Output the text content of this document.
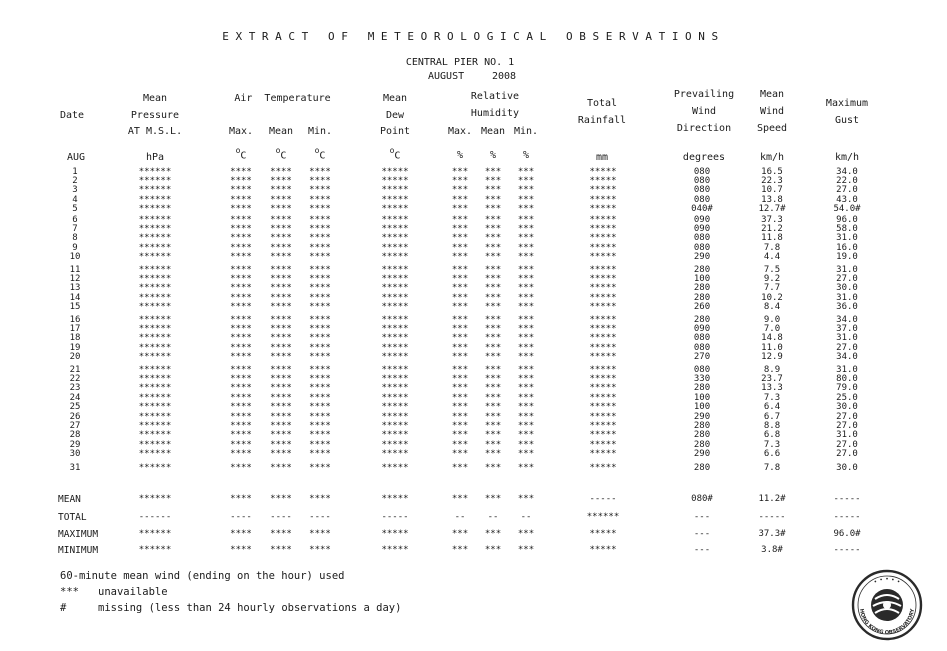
EXTRACT OF METEOROLOGICAL OBSERVATIONS
CENTRAL PIER NO. 1
AUGUST	2008
Date
AUG
Mean
Pressure
AT M.S.L.
hPa
Air  Temperature
Max.	Mean	Min.
$^o$C	$^o$C	$^o$C
Mean
Dew
Point
$^o$C
Relative
Humidity
Max. Mean Min.
%	%	%
Total
Rainfall
mm
Prevailing
Wind
Direction
degrees
Mean
Wind
Speed
km/h
Maximum
Gust
km/h
1	******	****	****	****	*****	***	***	***	*****	080	16.5	34.0
2	******	****	****	****	*****	***	***	***	*****	080	22.3	22.0
3	******	****	****	****	*****	***	***	***	*****	080	10.7	27.0
4	******	****	****	****	*****	***	***	***	*****	080	13.8	43.0
5	******	****	****	****	*****	***	***	***	*****	040#	12.7#	54.0#
6	******	****	****	****	*****	***	***	***	*****	090	37.3	96.0
7	******	****	****	****	*****	***	***	***	*****	090	21.2	58.0
8	******	****	****	****	*****	***	***	***	*****	080	11.8	31.0
9	******	****	****	****	*****	***	***	***	*****	080	7.8	16.0
10	******	****	****	****	*****	***	***	***	*****	290	4.4	19.0
11	******	****	****	****	*****	***	***	***	*****	280	7.5	31.0
12	******	****	****	****	*****	***	***	***	*****	100	9.2	27.0
13	******	****	****	****	*****	***	***	***	*****	280	7.7	30.0
14	******	****	****	****	*****	***	***	***	*****	280	10.2	31.0
15	******	****	****	****	*****	***	***	***	*****	260	8.4	36.0
16	******	****	****	****	*****	***	***	***	*****	280	9.0	34.0
17	******	****	****	****	*****	***	***	***	*****	090	7.0	37.0
18	******	****	****	****	*****	***	***	***	*****	080	14.8	31.0
19	******	****	****	****	*****	***	***	***	*****	080	11.0	27.0
20	******	****	****	****	*****	***	***	***	*****	270	12.9	34.0
21	******	****	****	****	*****	***	***	***	*****	080	8.9	31.0
22	******	****	****	****	*****	***	***	***	*****	330	23.7	80.0
23	******	****	****	****	*****	***	***	***	*****	280	13.3	79.0
24	******	****	****	****	*****	***	***	***	*****	100	7.3	25.0
25	******	****	****	****	*****	***	***	***	*****	100	6.4	30.0
26	******	****	****	****	*****	***	***	***	*****	290	6.7	27.0
27	******	****	****	****	*****	***	***	***	*****	280	8.8	27.0
28	******	****	****	****	*****	***	***	***	*****	280	6.8	31.0
29	******	****	****	****	*****	***	***	***	*****	280	7.3	27.0
30	******	****	****	****	*****	***	***	***	*****	290	6.6	27.0
31	******	****	****	****	*****	***	***	***	*****	280	7.8	30.0
MEAN	******	****	****	****	*****	***	***	***	-----	080#	11.2#	-----
TOTAL	------	----	----	----	-----	--	--	--	******	---	-----	-----
MAXIMUM	******	****	****	****	*****	***	***	***	*****	---	37.3#	96.0#
MINIMUM	******	****	****	****	*****	***	***	***	*****	---	3.8#	-----
60-minute mean wind (ending on the hour) used
*** unavailable
#	missing (less than 24 hourly observations a day)
• • • • •
HONG KONG OBSERVATORY
